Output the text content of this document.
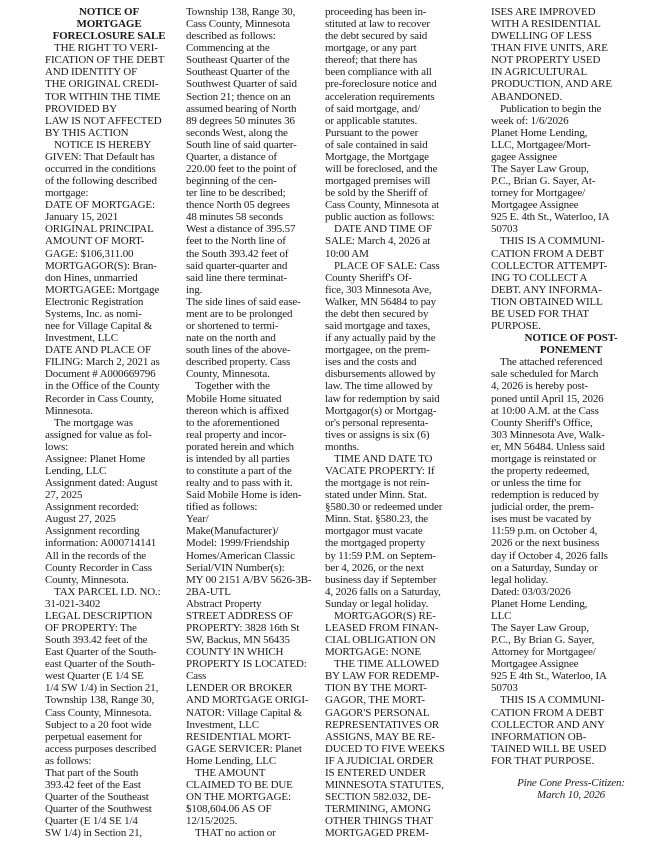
NOTICE OF
MORTGAGE
FORECLOSURE SALE
THE RIGHT TO VERI-
FICATION OF THE DEBT
AND IDENTITY OF
THE ORIGINAL CREDI-
TOR WITHIN THE TIME
PROVIDED BY
LAW IS NOT AFFECTED
BY THIS ACTION
NOTICE IS HEREBY
GIVEN: That Default has
occurred in the conditions
of the following described
mortgage:
DATE OF MORTGAGE:
January 15, 2021
ORIGINAL PRINCIPAL
AMOUNT OF MORT-
GAGE: $106,311.00
MORTGAGOR(S): Bran-
don Hines, unmarried
MORTGAGEE: Mortgage
Electronic Registration
Systems, Inc. as nomi-
nee for Village Capital &
Investment, LLC
DATE AND PLACE OF
FILING: March 2, 2021 as
Document # A000669796
in the Office of the County
Recorder in Cass County,
Minnesota.
The mortgage was
assigned for value as fol-
lows:
Assignee: Planet Home
Lending, LLC
Assignment dated: August
27, 2025
Assignment recorded:
August 27, 2025
Assignment recording
information: A000714141
All in the records of the
County Recorder in Cass
County, Minnesota.
TAX PARCEL I.D. NO.:
31-021-3402
LEGAL DESCRIPTION
OF PROPERTY: The
South 393.42 feet of the
East Quarter of the South-
east Quarter of the South-
west Quarter (E 1/4 SE
1/4 SW 1/4) in Section 21,
Township 138, Range 30,
Cass County, Minnesota.
Subject to a 20 foot wide
perpetual easement for
access purposes described
as follows:
That part of the South
393.42 feet of the East
Quarter of the Southeast
Quarter of the Southwest
Quarter (E 1/4 SE 1/4
SW 1/4) in Section 21,
Township 138, Range 30,
Cass County, Minnesota
described as follows:
Commencing at the
Southeast Quarter of the
Southeast Quarter of the
Southwest Quarter of said
Section 21; thence on an
assumed bearing of North
89 degrees 50 minutes 36
seconds West, along the
South line of said quarter-
Quarter, a distance of
220.00 feet to the point of
beginning of the cen-
ter line to be described;
thence North 05 degrees
48 minutes 58 seconds
West a distance of 395.57
feet to the North line of
the South 393.42 feet of
said quarter-quarter and
said line there terminat-
ing.
The side lines of said ease-
ment are to be prolonged
or shortened to termi-
nate on the north and
south lines of the above-
described property. Cass
County, Minnesota.
Together with the
Mobile Home situated
thereon which is affixed
to the aforementioned
real property and incor-
porated herein and which
is intended by all parties
to constitute a part of the
realty and to pass with it.
Said Mobile Home is iden-
tified as follows:
Year/
Make(Manufacturer)/
Model: 1999/Friendship
Homes/American Classic
Serial/VIN Number(s):
MY 00 2151 A/BV 5626-3B-
2BA-UTL
Abstract Property
STREET ADDRESS OF
PROPERTY: 3828 16th St
SW, Backus, MN 56435
COUNTY IN WHICH
PROPERTY IS LOCATED:
Cass
LENDER OR BROKER
AND MORTGAGE ORIGI-
NATOR: Village Capital &
Investment, LLC
RESIDENTIAL MORT-
GAGE SERVICER: Planet
Home Lending, LLC
THE AMOUNT
CLAIMED TO BE DUE
ON THE MORTGAGE:
$108,604.06 AS OF
12/15/2025.
THAT no action or
proceeding has been in-
stituted at law to recover
the debt secured by said
mortgage, or any part
thereof; that there has
been compliance with all
pre-foreclosure notice and
acceleration requirements
of said mortgage, and/
or applicable statutes.
Pursuant to the power
of sale contained in said
Mortgage, the Mortgage
will be foreclosed, and the
mortgaged premises will
be sold by the Sheriff of
Cass County, Minnesota at
public auction as follows:
DATE AND TIME OF
SALE: March 4, 2026 at
10:00 AM
PLACE OF SALE: Cass
County Sheriff's Of-
fice, 303 Minnesota Ave,
Walker, MN 56484 to pay
the debt then secured by
said mortgage and taxes,
if any actually paid by the
mortgagee, on the prem-
ises and the costs and
disbursements allowed by
law. The time allowed by
law for redemption by said
Mortgagor(s) or Mortgag-
or's personal representa-
tives or assigns is six (6)
months.
TIME AND DATE TO
VACATE PROPERTY: If
the mortgage is not rein-
stated under Minn. Stat.
§580.30 or redeemed under
Minn. Stat. §580.23, the
mortgagor must vacate
the mortgaged property
by 11:59 P.M. on Septem-
ber 4, 2026, or the next
business day if September
4, 2026 falls on a Saturday,
Sunday or legal holiday.
MORTGAGOR(S) RE-
LEASED FROM FINAN-
CIAL OBLIGATION ON
MORTGAGE: NONE
THE TIME ALLOWED
BY LAW FOR REDEMP-
TION BY THE MORT-
GAGOR, THE MORT-
GAGOR'S PERSONAL
REPRESENTATIVES OR
ASSIGNS, MAY BE RE-
DUCED TO FIVE WEEKS
IF A JUDICIAL ORDER
IS ENTERED UNDER
MINNESOTA STATUTES,
SECTION 582.032, DE-
TERMINING, AMONG
OTHER THINGS THAT
MORTGAGED PREM-
ISES ARE IMPROVED
WITH A RESIDENTIAL
DWELLING OF LESS
THAN FIVE UNITS, ARE
NOT PROPERTY USED
IN AGRICULTURAL
PRODUCTION, AND ARE
ABANDONED.
Publication to begin the
week of: 1/6/2026
Planet Home Lending,
LLC, Mortgagee/Mort-
gagee Assignee
The Sayer Law Group,
P.C., Brian G. Sayer, At-
torney for Mortgagee/
Mortgagee Assignee
925 E. 4th St., Waterloo, IA
50703
THIS IS A COMMUNI-
CATION FROM A DEBT
COLLECTOR ATTEMPT-
ING TO COLLECT A
DEBT. ANY INFORMA-
TION OBTAINED WILL
BE USED FOR THAT
PURPOSE.
NOTICE OF POST-
PONEMENT
The attached referenced
sale scheduled for March
4, 2026 is hereby post-
poned until April 15, 2026
at 10:00 A.M. at the Cass
County Sheriff's Office,
303 Minnesota Ave, Walk-
er, MN 56484. Unless said
mortgage is reinstated or
the property redeemed,
or unless the time for
redemption is reduced by
judicial order, the prem-
ises must be vacated by
11:59 p.m. on October 4,
2026 or the next business
day if October 4, 2026 falls
on a Saturday, Sunday or
legal holiday.
Dated: 03/03/2026
Planet Home Lending,
LLC
The Sayer Law Group,
P.C., By Brian G. Sayer,
Attorney for Mortgagee/
Mortgagee Assignee
925 E 4th St., Waterloo, IA
50703
THIS IS A COMMUNI-
CATION FROM A DEBT
COLLECTOR AND ANY
INFORMATION OB-
TAINED WILL BE USED
FOR THAT PURPOSE.
Pine Cone Press-Citizen:
March 10, 2026
